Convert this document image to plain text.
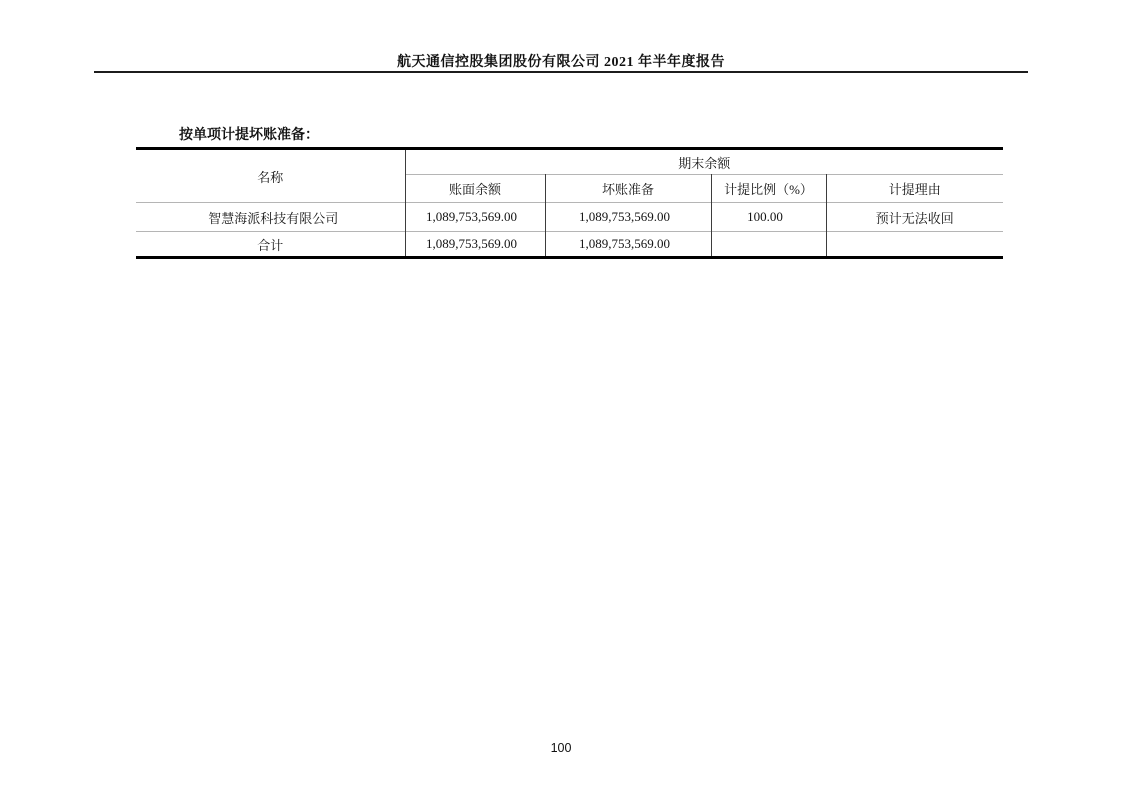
航天通信控股集团股份有限公司 2021 年半年度报告
按单项计提坏账准备：
名称	期末余额			
	账面余额	坏账准备	计提比例（%）	计提理由
智慧海派科技有限公司	1,089,753,569.00	1,089,753,569.00	100.00	预计无法收回
合计	1,089,753,569.00	1,089,753,569.00		
100
